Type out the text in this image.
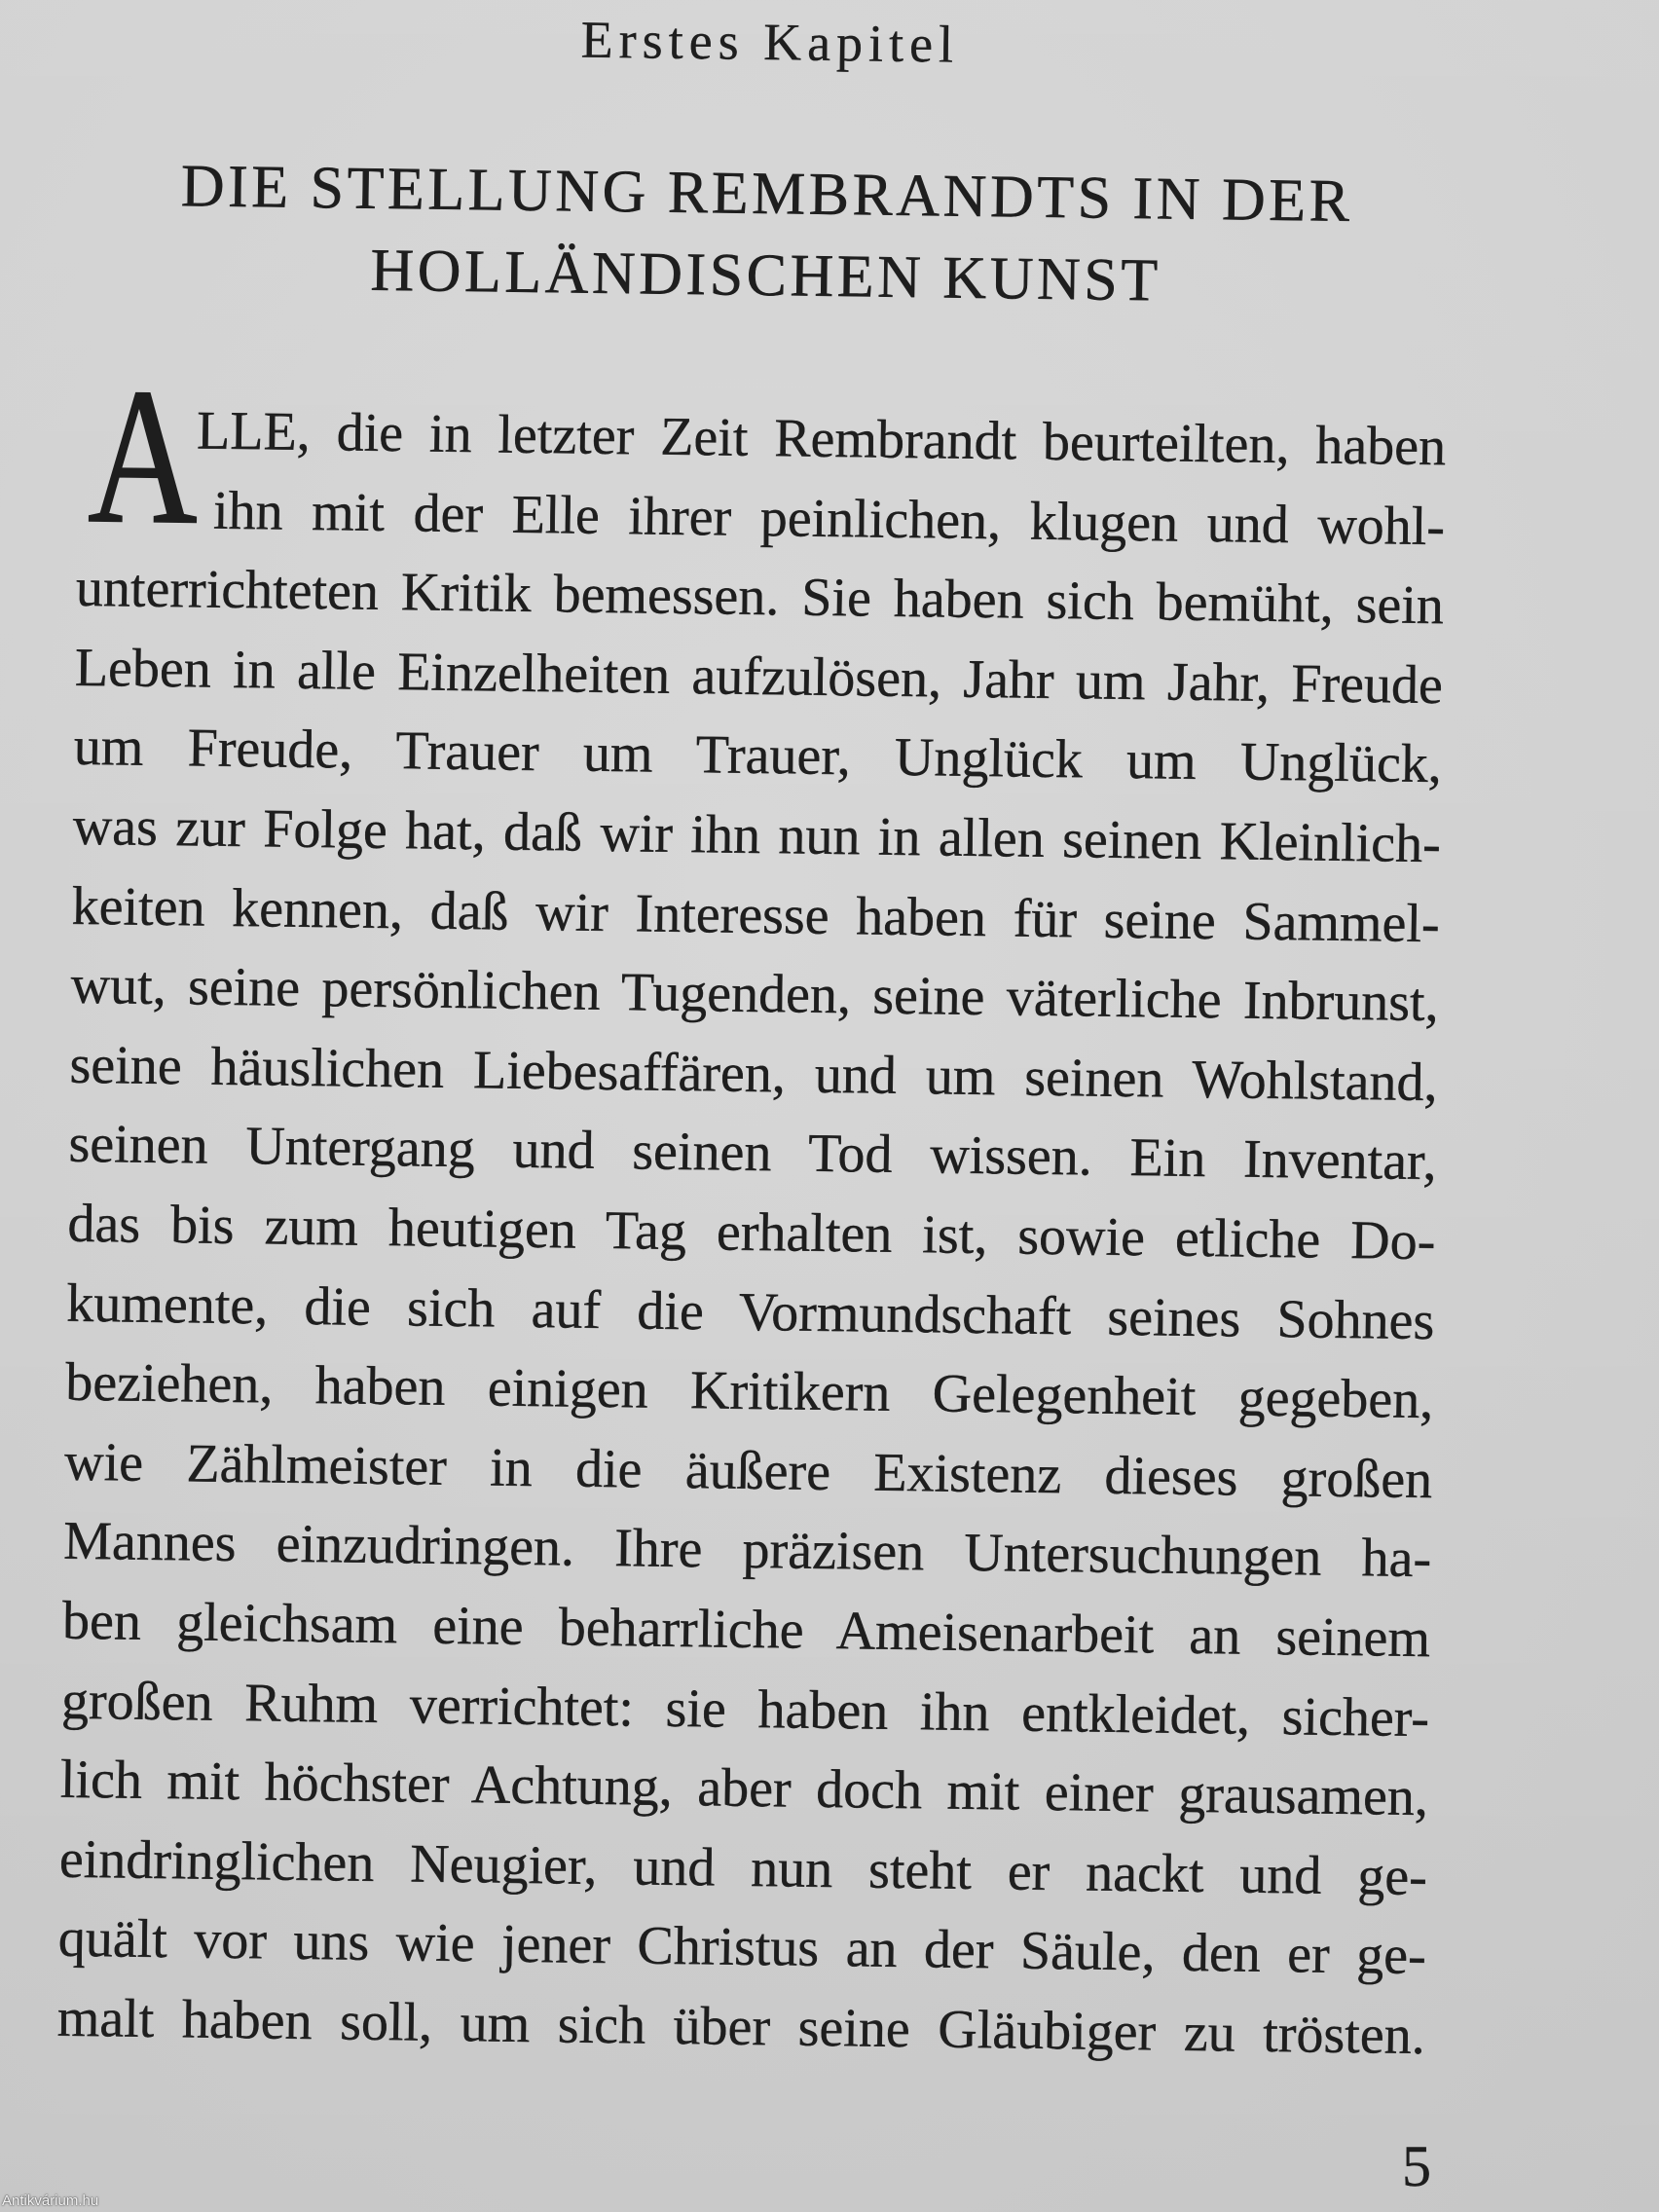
Erstes Kapitel
DIE STELLUNG REMBRANDTS IN DER
HOLLÄNDISCHEN KUNST
A
LLE, die in letzter Zeit Rembrandt beurteilten, haben
ihn mit der Elle ihrer peinlichen, klugen und wohl-
unterrichteten Kritik bemessen. Sie haben sich bemüht, sein
Leben in alle Einzelheiten aufzulösen, Jahr um Jahr, Freude
um Freude, Trauer um Trauer, Unglück um Unglück,
was zur Folge hat, daß wir ihn nun in allen seinen Kleinlich-
keiten kennen, daß wir Interesse haben für seine Sammel-
wut, seine persönlichen Tugenden, seine väterliche Inbrunst,
seine häuslichen Liebesaffären, und um seinen Wohlstand,
seinen Untergang und seinen Tod wissen. Ein Inventar,
das bis zum heutigen Tag erhalten ist, sowie etliche Do-
kumente, die sich auf die Vormundschaft seines Sohnes
beziehen, haben einigen Kritikern Gelegenheit gegeben,
wie Zählmeister in die äußere Existenz dieses großen
Mannes einzudringen. Ihre präzisen Untersuchungen ha-
ben gleichsam eine beharrliche Ameisenarbeit an seinem
großen Ruhm verrichtet: sie haben ihn entkleidet, sicher-
lich mit höchster Achtung, aber doch mit einer grausamen,
eindringlichen Neugier, und nun steht er nackt und ge-
quält vor uns wie jener Christus an der Säule, den er ge-
malt haben soll, um sich über seine Gläubiger zu trösten.
5
Antikvárium.hu
